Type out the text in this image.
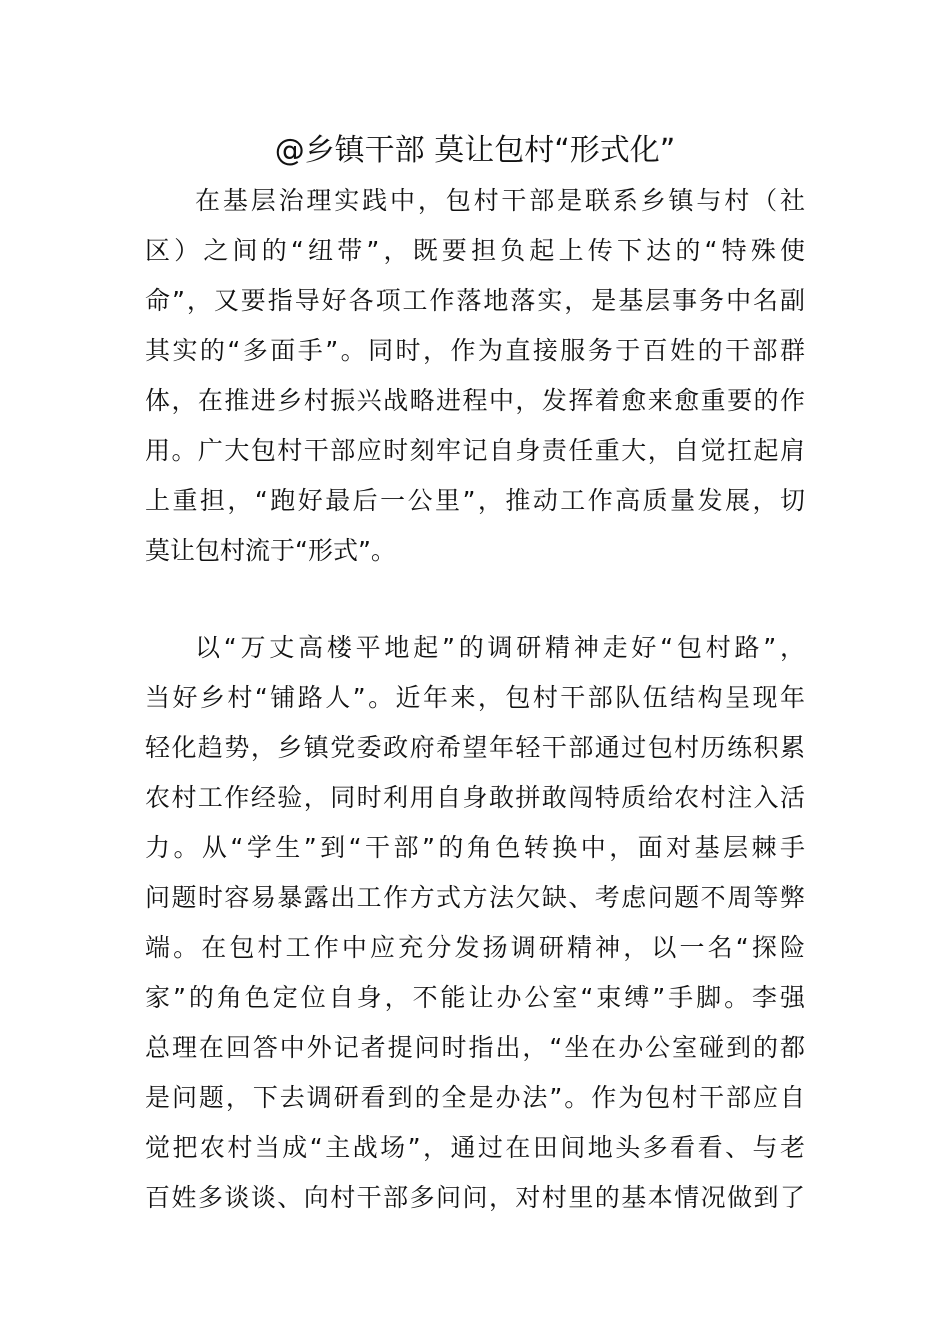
@乡镇干部 莫让包村“形式化”

在基层治理实践中，包村干部是联系乡镇与村（社

区）之间的“纽带”，既要担负起上传下达的“特殊使

命”，又要指导好各项工作落地落实，是基层事务中名副

其实的“多面手”。同时，作为直接服务于百姓的干部群

体，在推进乡村振兴战略进程中，发挥着愈来愈重要的作

用。广大包村干部应时刻牢记自身责任重大，自觉扛起肩

上重担，“跑好最后一公里”，推动工作高质量发展，切

莫让包村流于“形式”。

以“万丈高楼平地起”的调研精神走好“包村路”，

当好乡村“铺路人”。近年来，包村干部队伍结构呈现年

轻化趋势，乡镇党委政府希望年轻干部通过包村历练积累

农村工作经验，同时利用自身敢拼敢闯特质给农村注入活

力。从“学生”到“干部”的角色转换中，面对基层棘手

问题时容易暴露出工作方式方法欠缺、考虑问题不周等弊

端。在包村工作中应充分发扬调研精神，以一名“探险

家”的角色定位自身，不能让办公室“束缚”手脚。李强

总理在回答中外记者提问时指出，“坐在办公室碰到的都

是问题，下去调研看到的全是办法”。作为包村干部应自

觉把农村当成“主战场”，通过在田间地头多看看、与老

百姓多谈谈、向村干部多问问，对村里的基本情况做到了
